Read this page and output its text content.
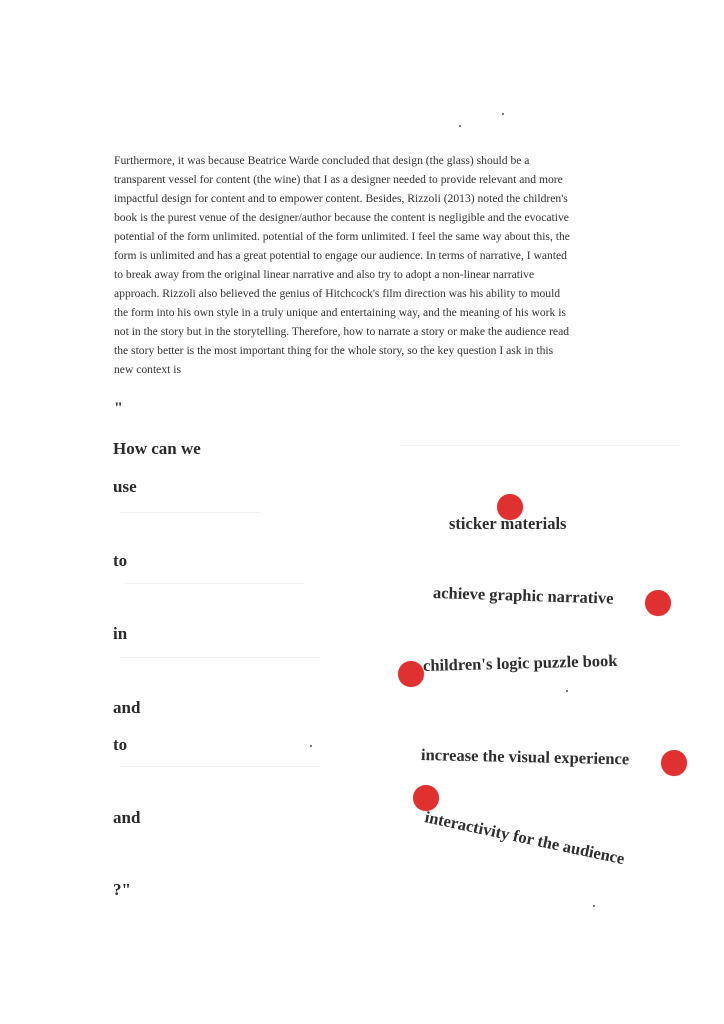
Furthermore, it was because Beatrice Warde concluded that design (the glass) should be a
transparent vessel for content (the wine) that I as a designer needed to provide relevant and more
impactful design for content and to empower content. Besides, Rizzoli (2013) noted the children's
book is the purest venue of the designer/author because the content is negligible and the evocative
potential of the form unlimited. potential of the form unlimited. I feel the same way about this, the
form is unlimited and has a great potential to engage our audience. In terms of narrative, I wanted
to break away from the original linear narrative and also try to adopt a non-linear narrative
approach. Rizzoli also believed the genius of Hitchcock's film direction was his ability to mould
the form into his own style in a truly unique and entertaining way, and the meaning of his work is
not in the story but in the storytelling. Therefore, how to narrate a story or make the audience read
the story better is the most important thing for the whole story, so the key question I ask in this
new context is
"
How can we
use
to
in
and
to
and
?"
sticker materials
achieve graphic narrative
children's logic puzzle book
increase the visual experience
interactivity for the audience
